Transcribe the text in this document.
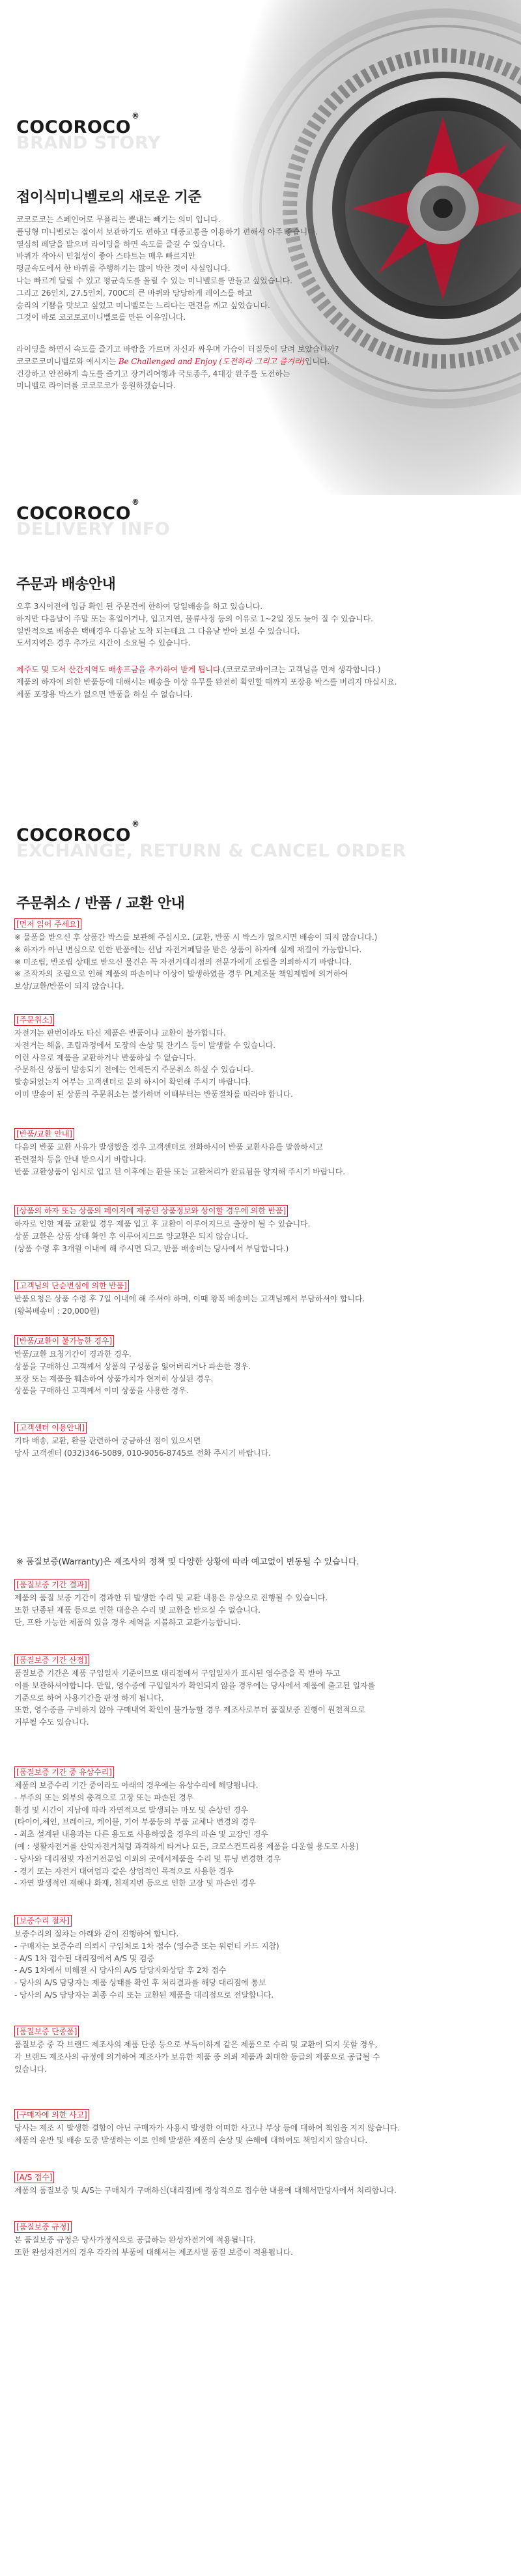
COCOROCO®
BRAND STORY
접이식미니벨로의 새로운 기준
코코로코는 스페인어로 무플리는 뿐내는 빼기는 의미 입니다.
폴딩형 미니벨로는 접어서 보관하기도 편하고 대중교통을 이용하기 편해서 아주 좋습니다.
열심히 페달을 밟으며 라이딩을 하면 속도를 즐길 수 있습니다.
바퀴가 작아서 민첩성이 좋아 스타트는 매우 빠르지만
평균속도에서 한 바퀴를 주행하기는 많이 박찬 것이 사실입니다.
나는 빠르게 달릴 수 있고 평균속도를 올릴 수 있는 미니벨로를 만들고 싶었습니다.
그리고 26인치, 27.5인치, 700C의 큰 바퀴와 당당하게 레이스를 하고
승리의 기쁨을 맛보고 싶었고 미니벨로는 느리다는 편견을 깨고 싶었습니다.
그것이 바로 코코로코미니벨로를 만든 이유입니다.
라이딩을 하면서 속도를 즐기고 바람을 가르며 자신과 싸우며 가슴이 터질듯이 달려 보았습니까?
코코로코미니벨로와 예시지는 Be Challenged and Enjoy (도전하라 그리고 즐겨라)입니다.
건강하고 안전하게 속도를 즐기고 장거리여행과 국토종주, 4대강 완주를 도전하는
미니벨로 라이더를 코코로코가 응원하겠습니다.
COCOROCO®
DELIVERY INFO
주문과 배송안내
오후 3시이전에 입금 확인 된 주문건에 한하여 당일배송을 하고 있습니다.
하지만 다음날이 주말 또는 휴일이거나, 입고지연, 물류사정 등의 이유로 1~2일 정도 늦어 질 수 있습니다.
일반적으로 배송은 택배경우 다음날 도착 되는데요 그 다음날 받아 보실 수 있습니다.
도서지역은 경우 추가로 시간이 소요될 수 있습니다.
제주도 및 도서 산간지역도 배송프금을 추가하여 받게 됩니다.(코코로코바이크는 고객님을 먼저 생각합니다.)
제품의 하자에 의한 반품등에 대해서는 배송을 이상 유무를 완전히 확인할 때까지 포장용 박스를 버리지 마십시요.
제품 포장용 박스가 없으면 반품을 하실 수 없습니다.
COCOROCO®
EXCHANGE, RETURN & CANCEL ORDER
주문취소 / 반품 / 교환 안내
[먼저 읽어 주세요]
※ 물품을 받으신 후 상품간 박스를 보관해 주십시오. (교환, 반품 시 박스가 없으시면 배송이 되지 않습니다.)
※ 하자가 아닌 변심으로 인한 반품에는 선납 자전거페달을 받은 상품이 하자에 실제 재걸이 가능합니다.
※ 미조립, 반조립 상태로 받으신 물건은 꼭 자전거대리점의 전문가에게 조립을 의뢰하시기 바랍니다.
※ 조작자의 조립으로 인해 제품의 파손이나 이상이 발생하였을 경우 PL제조물 책임제법에 의거하여
보상/교환/반품이 되지 않습니다.
[주문취소]
자전거는 판번이라도 타신 제품은 반품이나 교환이 불가합니다.
자전거는 해올, 조립과정에서 도장의 손상 및 잔기스 등이 발생할 수 있습니다.
이런 사유로 제품을 교환하거나 반품하실 수 없습니다.
주문하신 상품이 발송되기 전에는 언제든지 주문취소 하실 수 있습니다.
발송되었는지 여부는 고객센터로 문의 하시어 확인해 주시기 바랍니다.
이미 발송이 된 상품의 주문취소는 불가하며 이때부터는 반품절차를 따라야 합니다.
[반품/교환 안내]
다음의 반품 교환 사유가 발생했을 경우 고객센터로 전화하시어 반품 교환사유를 말씀하시고
관련절차 등을 안내 받으시기 바랍니다.
반품 교환상품이 임시로 입고 된 이후에는 환불 또는 교환처리가 완료됨을 양지해 주시기 바랍니다.
[상품의 하자 또는 상품의 페이지에 제공된 상품정보와 상이할 경우에 의한 반품]
하자로 인한 제품 교환일 경우 제품 입고 후 교환이 이루어지므로 출장이 될 수 있습니다.
상품 교환은 상품 상태 확인 후 이루어지므로 양교환은 되지 않습니다.
(상품 수령 후 3개월 이내에 해 주시면 되고, 반품 배송비는 당사에서 부담합니다.)
[고객님의 단순변심에 의한 반품]
반품요청은 상품 수령 후 7일 이내에 해 주셔야 하며, 이때 왕복 배송비는 고객님께서 부담하셔야 합니다.
(왕복배송비 : 20,000원)
[반품/교환이 불가능한 경우]
반품/교환 요청기간이 경과한 경우.
상품을 구매하신 고객께서 상품의 구성품을 잃어버리거나 파손한 경우.
포장 또는 제품을 훼손하여 상품가치가 현저히 상실된 경우.
상품을 구매하신 고객께서 이미 상품을 사용한 경우.
[고객센터 이용안내]
기타 배송, 교환, 환불 관련하여 궁금하신 점이 있으시면
당사 고객센터 (032)346-5089, 010-9056-8745로 전화 주시기 바랍니다.
※ 품질보증(Warranty)은 제조사의 정책 및 다양한 상황에 따라 예고없이 변동될 수 있습니다.
[품질보증 기간 결과]
제품의 품질 보증 기간이 경과한 뒤 발생한 수리 및 교환 내용은 유상으로 진행될 수 있습니다.
또한 단종된 제품 등으로 인한 대응은 수리 및 교환을 받으실 수 없습니다.
단, 프완 가능한 제품의 있을 경우 제역을 지불하고 교환가능합니다.
[품질보증 기간 산정]
품질보증 기간은 제품 구입일자 기준이므로 대리점에서 구입일자가 표시된 영수증을 꼭 받아 두고
이를 보관하셔야합니다. 만일, 영수증에 구입일자가 확인되지 않을 경우에는 당사에서 제품에 출고된 일자를
기준으로 하여 사용기간을 판정 하게 됩니다.
또한, 영수증을 구비하지 않아 구매내역 확인이 불가능할 경우 제조사로부터 품질보증 진행이 원천적으로
거부될 수도 있습니다.
[품질보증 기간 중 유상수리]
제품의 보증수리 기간 중이라도 아래의 경우에는 유상수리에 해당됩니다.
- 부주의 또는 외부의 충격으로 고장 또는 파손된 경우
환경 및 시간이 지남에 따라 자연적으로 발생되는 마모 및 손상인 경우
(타이어,체인, 브레이크, 케이블, 기어 부품등의 부품 교체나 변경의 경우
- 최초 설계된 내용과는 다른 용도로 사용하였을 경우의 파손 및 고장인 경우
(예 : 생활자전거를 산악자전거처럼 과격하게 타거나 묘든, 크로스컨트리용 제품을 다운힐 용도로 사용)
- 당사와 대리점및 자전거전문업 이외의 곳에서제품을 수리 및 튜닝 변경한 경우
- 경기 또는 자전거 대여업과 같은 상업적인 목적으로 사용한 경우
- 자연 발생적인 재해나 화재, 천재지변 등으로 인한 고장 및 파손인 경우
[보증수리 절차]
보증수리의 절차는 아래와 같이 진행하여 합니다.
- 구매자는 보증수리 의뢰시 구입처로 1차 접수 (영수증 또는 워런티 카드 지참)
- A/S 1차 접수된 대리점에서 A/S 및 검증
- A/S 1차에서 미해결 시 당사의 A/S 담당자와상담 후 2차 접수
- 당사의 A/S 담당자는 제품 상태를 확인 후 처리결과를 해당 대리점에 통보
- 당사의 A/S 담당자는 최종 수리 또는 교환된 제품을 대리점으로 전달합니다.
[품질보증 단종품]
품질보증 중 각 브랜드 제조사의 제품 단종 등으로 부득이하게 같은 제품으로 수리 및 교환이 되지 못할 경우,
각 브랜드 제조사의 규정에 의거하여 제조사가 보유한 제품 중 의뢰 제품과 최대한 등급의 제품으로 공급될 수
있습니다.
[구매자에 의한 사고]
당사는 제조 시 발생한 결함이 아닌 구매자가 사용시 발생한 어떠한 사고나 부상 등에 대하여 책임을 지지 않습니다.
제품의 운반 및 배송 도중 발생하는 이로 인해 발생한 제품의 손상 및 손해에 대하여도 책임지지 않습니다.
[A/S 접수]
제품의 품질보증 및 A/S는 구매처가 구매하신(대리점)에 정상적으로 접수한 내용에 대해서만당사에서 처리합니다.
[품질보증 규정]
본 품질보증 규정은 당사가정식으로 공급하는 완성자전거에 적용됩니다.
또한 완성자전거의 경우 각각의 부품에 대해서는 제조사별 품질 보증이 적용됩니다.
